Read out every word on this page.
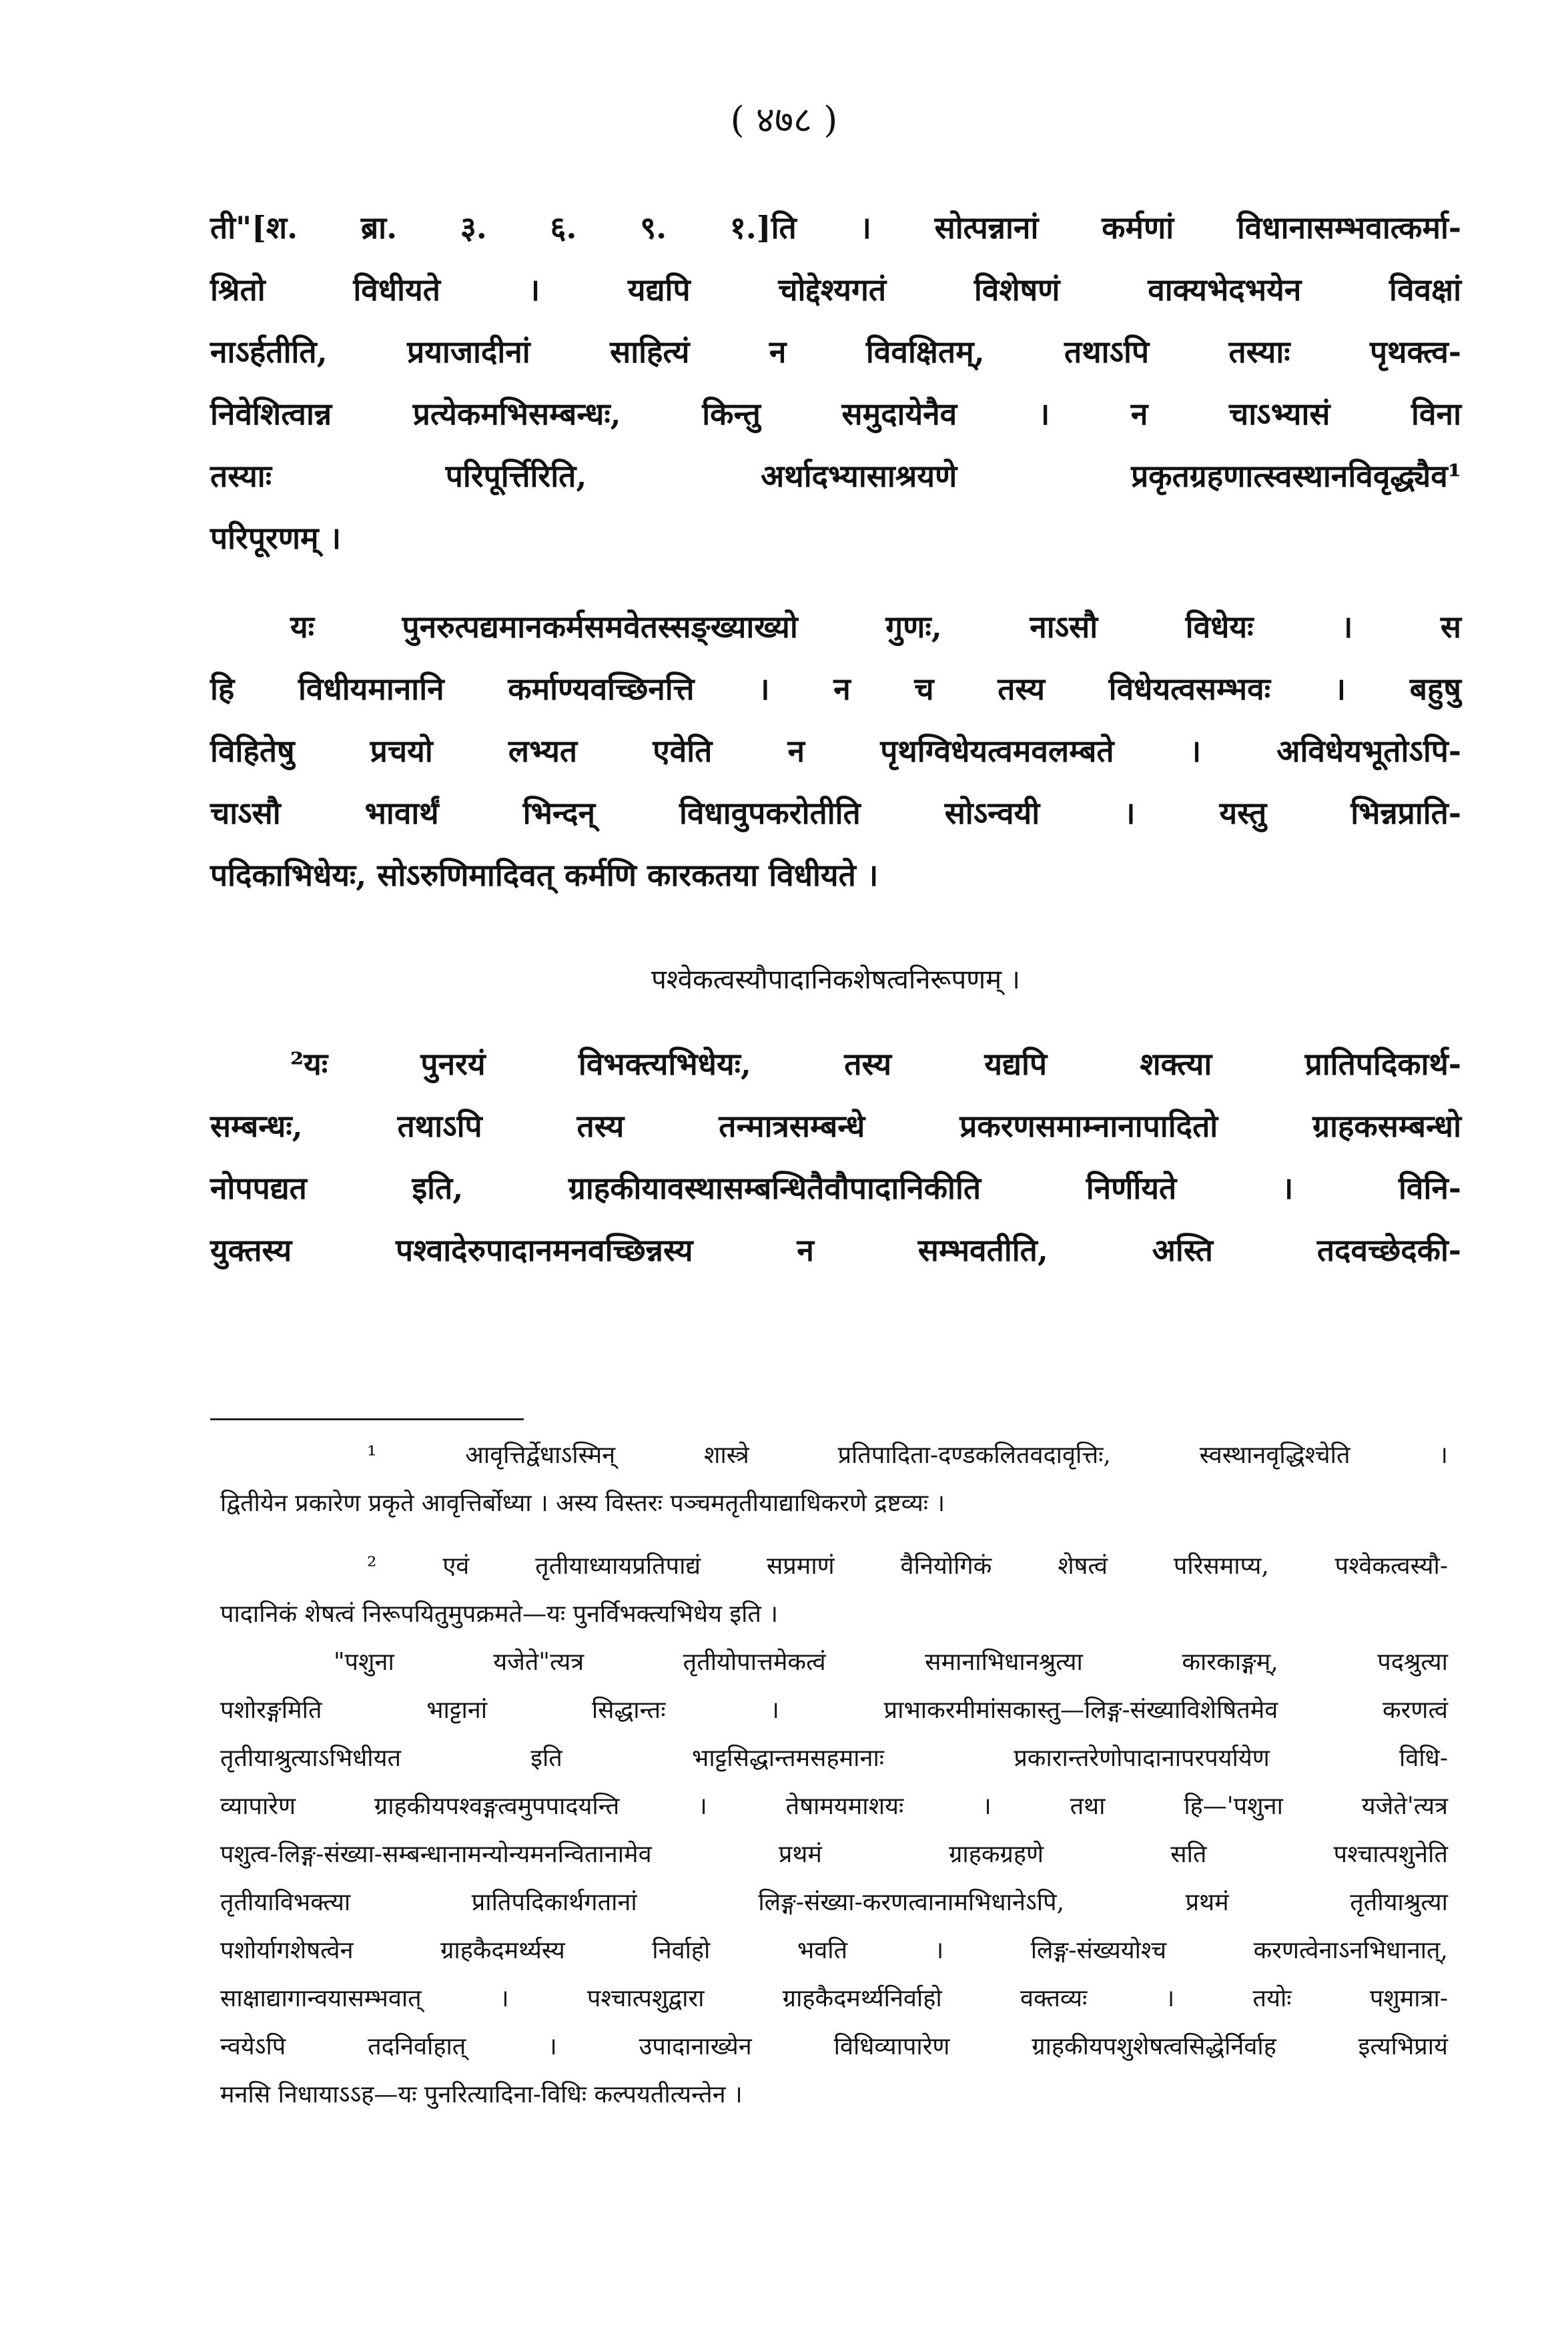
( ४७८ )

ती"[श. ब्रा. ३. ६. ९. १.]ति । सोत्पन्नानां कर्मणां विधानासम्भवात्कर्मा-
श्रितो विधीयते । यद्यपि चोद्देश्यगतं विशेषणं वाक्यभेदभयेन विवक्षां
नाऽर्हतीति, प्रयाजादीनां साहित्यं न विवक्षितम्, तथाऽपि तस्याः पृथक्त्व-
निवेशित्वान्न प्रत्येकमभिसम्बन्धः, किन्तु समुदायेनैव । न चाऽभ्यासं विना
तस्याः परिपूर्त्तिरिति, अर्थादभ्यासाश्रयणे प्रकृतग्रहणात्स्वस्थानविवृद्ध्यैव¹
परिपूरणम् ।

यः पुनरुत्पद्यमानकर्मसमवेतस्सङ्ख्याख्यो गुणः, नाऽसौ विधेयः । स
हि विधीयमानानि कर्माण्यवच्छिनत्ति । न च तस्य विधेयत्वसम्भवः । बहुषु
विहितेषु प्रचयो लभ्यत एवेति न पृथग्विधेयत्वमवलम्बते । अविधेयभूतोऽपि-
चाऽसौ भावार्थं भिन्दन् विधावुपकरोतीति सोऽन्वयी । यस्तु भिन्नप्राति-
पदिकाभिधेयः, सोऽरुणिमादिवत् कर्मणि कारकतया विधीयते ।

पश्वेकत्वस्यौपादानिकशेषत्वनिरूपणम् ।

²यः पुनरयं विभक्त्यभिधेयः, तस्य यद्यपि शक्त्या प्रातिपदिकार्थ-
सम्बन्धः, तथाऽपि तस्य तन्मात्रसम्बन्धे प्रकरणसमाम्नानापादितो ग्राहकसम्बन्धो
नोपपद्यत इति, ग्राहकीयावस्थासम्बन्धितैवौपादानिकीति निर्णीयते । विनि-
युक्तस्य पश्वादेरुपादानमनवच्छिन्नस्य न सम्भवतीति, अस्ति तदवच्छेदकी-

¹ आवृत्तिर्द्वेधाऽस्मिन् शास्त्रे प्रतिपादिता-दण्डकलितवदावृत्तिः, स्वस्थानवृद्धिश्चेति ।
द्वितीयेन प्रकारेण प्रकृते आवृत्तिर्बोध्या । अस्य विस्तरः पञ्चमतृतीयाद्याधिकरणे द्रष्टव्यः ।
² एवं तृतीयाध्यायप्रतिपाद्यं सप्रमाणं वैनियोगिकं शेषत्वं परिसमाप्य, पश्वेकत्वस्यौ-
पादानिकं शेषत्वं निरूपयितुमुपक्रमते—यः पुनर्विभक्त्यभिधेय इति ।
"पशुना यजेते"त्यत्र तृतीयोपात्तमेकत्वं समानाभिधानश्रुत्या कारकाङ्गम्, पदश्रुत्या
पशोरङ्गमिति भाट्टानां सिद्धान्तः । प्राभाकरमीमांसकास्तु—लिङ्ग-संख्याविशेषितमेव करणत्वं
तृतीयाश्रुत्याऽभिधीयत इति भाट्टसिद्धान्तमसहमानाः प्रकारान्तरेणोपादानापरपर्यायेण विधि-
व्यापारेण ग्राहकीयपश्वङ्गत्वमुपपादयन्ति । तेषामयमाशयः । तथा हि—'पशुना यजेते'त्यत्र
पशुत्व-लिङ्ग-संख्या-सम्बन्धानामन्योन्यमनन्वितानामेव प्रथमं ग्राहकग्रहणे सति पश्चात्पशुनेति
तृतीयाविभक्त्या प्रातिपदिकार्थगतानां लिङ्ग-संख्या-करणत्वानामभिधानेऽपि, प्रथमं तृतीयाश्रुत्या
पशोर्यागशेषत्वेन ग्राहकैदमर्थ्यस्य निर्वाहो भवति । लिङ्ग-संख्ययोश्च करणत्वेनाऽनभिधानात्,
साक्षाद्यागान्वयासम्भवात् । पश्चात्पशुद्वारा ग्राहकैदमर्थ्यनिर्वाहो वक्तव्यः । तयोः पशुमात्रा-
न्वयेऽपि तदनिर्वाहात् । उपादानाख्येन विधिव्यापारेण ग्राहकीयपशुशेषत्वसिद्धेर्निर्वाह इत्यभिप्रायं
मनसि निधायाऽऽह—यः पुनरित्यादिना-विधिः कल्पयतीत्यन्तेन ।
